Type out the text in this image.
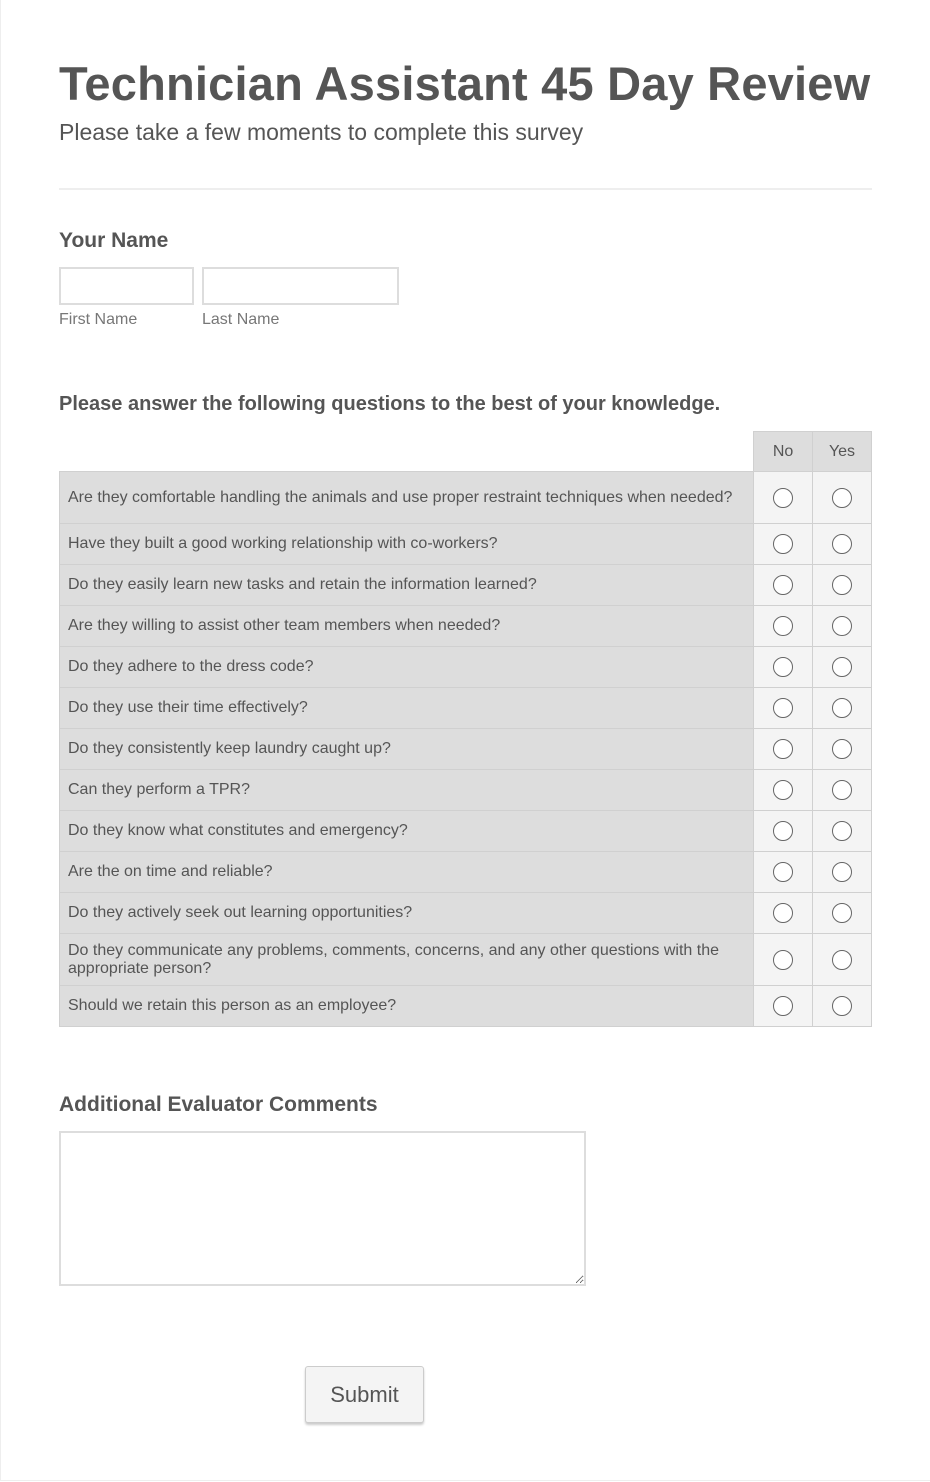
Technician Assistant 45 Day Review
Please take a few moments to complete this survey
Your Name
First Name	Last Name
Please answer the following questions to the best of your knowledge.
	No	Yes
Are they comfortable handling the animals and use proper restraint techniques when needed?		
Have they built a good working relationship with co-workers?		
Do they easily learn new tasks and retain the information learned?		
Are they willing to assist other team members when needed?		
Do they adhere to the dress code?		
Do they use their time effectively?		
Do they consistently keep laundry caught up?		
Can they perform a TPR?		
Do they know what constitutes and emergency?		
Are the on time and reliable?		
Do they actively seek out learning opportunities?		
Do they communicate any problems, comments, concerns, and any other questions with the appropriate person?		
Should we retain this person as an employee?		
Additional Evaluator Comments
Submit
